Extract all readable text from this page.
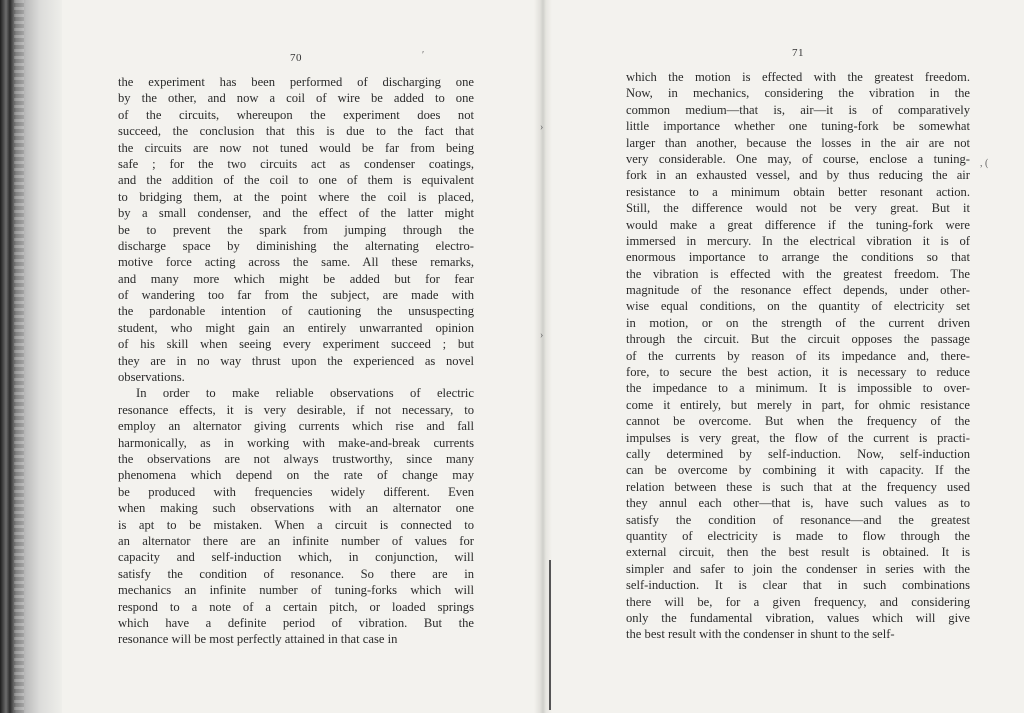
70
the experiment has been performed of discharging one
by the other, and now a coil of wire be added to one
of the circuits, whereupon the experiment does not
succeed, the conclusion that this is due to the fact that
the circuits are now not tuned would be far from being
safe ; for the two circuits act as condenser coatings,
and the addition of the coil to one of them is equivalent
to bridging them, at the point where the coil is placed,
by a small condenser, and the effect of the latter might
be to prevent the spark from jumping through the
discharge space by diminishing the alternating electro-
motive force acting across the same. All these remarks,
and many more which might be added but for fear
of wandering too far from the subject, are made with
the pardonable intention of cautioning the unsuspecting
student, who might gain an entirely unwarranted opinion
of his skill when seeing every experiment succeed ; but
they are in no way thrust upon the experienced as novel
observations.
In order to make reliable observations of electric
resonance effects, it is very desirable, if not necessary, to
employ an alternator giving currents which rise and fall
harmonically, as in working with make-and-break currents
the observations are not always trustworthy, since many
phenomena which depend on the rate of change may
be produced with frequencies widely different. Even
when making such observations with an alternator one
is apt to be mistaken. When a circuit is connected to
an alternator there are an infinite number of values for
capacity and self-induction which, in conjunction, will
satisfy the condition of resonance. So there are in
mechanics an infinite number of tuning-forks which will
respond to a note of a certain pitch, or loaded springs
which have a definite period of vibration. But the
resonance will be most perfectly attained in that case in
71
which the motion is effected with the greatest freedom.
Now, in mechanics, considering the vibration in the
common medium—that is, air—it is of comparatively
little importance whether one tuning-fork be somewhat
larger than another, because the losses in the air are not
very considerable. One may, of course, enclose a tuning-
fork in an exhausted vessel, and by thus reducing the air
resistance to a minimum obtain better resonant action.
Still, the difference would not be very great. But it
would make a great difference if the tuning-fork were
immersed in mercury. In the electrical vibration it is of
enormous importance to arrange the conditions so that
the vibration is effected with the greatest freedom. The
magnitude of the resonance effect depends, under other-
wise equal conditions, on the quantity of electricity set
in motion, or on the strength of the current driven
through the circuit. But the circuit opposes the passage
of the currents by reason of its impedance and, there-
fore, to secure the best action, it is necessary to reduce
the impedance to a minimum. It is impossible to over-
come it entirely, but merely in part, for ohmic resistance
cannot be overcome. But when the frequency of the
impulses is very great, the flow of the current is practi-
cally determined by self-induction. Now, self-induction
can be overcome by combining it with capacity. If the
relation between these is such that at the frequency used
they annul each other—that is, have such values as to
satisfy the condition of resonance—and the greatest
quantity of electricity is made to flow through the
external circuit, then the best result is obtained. It is
simpler and safer to join the condenser in series with the
self-induction. It is clear that in such combinations
there will be, for a given frequency, and considering
only the fundamental vibration, values which will give
the best result with the condenser in shunt to the self-
′
, (
›
›
